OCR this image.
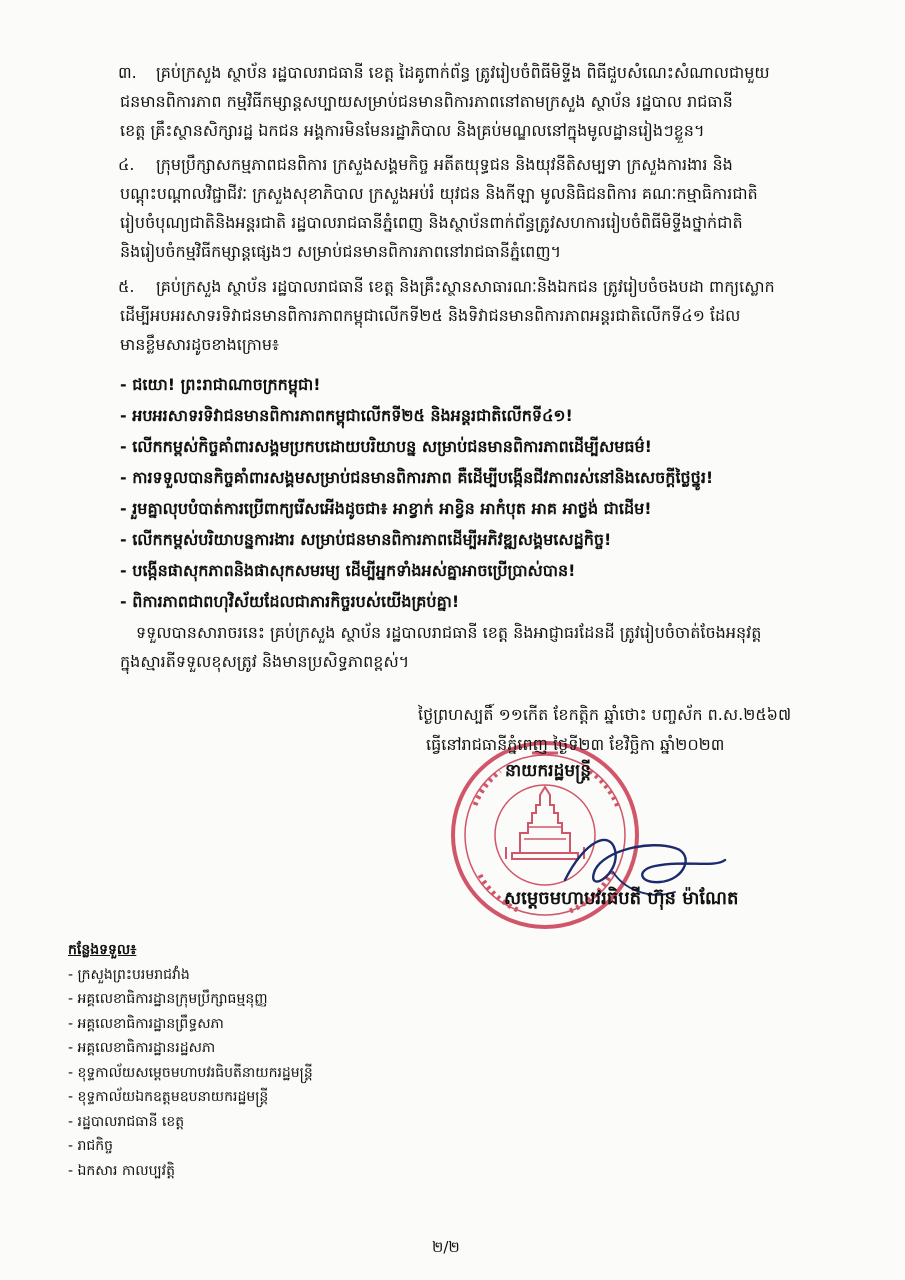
៣.	គ្រប់ក្រសួង ស្ថាប័ន រដ្ឋបាលរាជធានី ខេត្ត ដៃគូពាក់ព័ន្ធ ត្រូវរៀបចំពិធីមិទ្ទីង ពិធីជួបសំណេះសំណាលជាមួយ
ជនមានពិការភាព កម្មវិធីកម្សាន្តសប្បាយសម្រាប់ជនមានពិការភាពនៅតាមក្រសួង ស្ថាប័ន រដ្ឋបាល រាជធានី
ខេត្ត គ្រឹះស្ថានសិក្សារដ្ឋ ឯកជន អង្គការមិនមែនរដ្ឋាភិបាល និងគ្រប់មណ្ឌលនៅក្នុងមូលដ្ឋានរៀងៗខ្លួន។
៤.	ក្រុមប្រឹក្សាសកម្មភាពជនពិការ ក្រសួងសង្គមកិច្ច អតីតយុទ្ធជន និងយុវនីតិសម្បទា ក្រសួងការងារ និង
បណ្តុះបណ្តាលវិជ្ជាជីវៈ ក្រសួងសុខាភិបាល ក្រសួងអប់រំ យុវជន និងកីឡា មូលនិធិជនពិការ គណៈកម្មាធិការជាតិ
រៀបចំបុណ្យជាតិនិងអន្តរជាតិ រដ្ឋបាលរាជធានីភ្នំពេញ និងស្ថាប័នពាក់ព័ន្ធត្រូវសហការរៀបចំពិធីមិទ្ទីងថ្នាក់ជាតិ
និងរៀបចំកម្មវិធីកម្សាន្តផ្សេងៗ សម្រាប់ជនមានពិការភាពនៅរាជធានីភ្នំពេញ។
៥.	គ្រប់ក្រសួង ស្ថាប័ន រដ្ឋបាលរាជធានី ខេត្ត និងគ្រឹះស្ថានសាធារណៈនិងឯកជន ត្រូវរៀបចំចងបដា ពាក្យស្លោក
ដើម្បីអបអរសាទរទិវាជនមានពិការភាពកម្ពុជាលើកទី២៥ និងទិវាជនមានពិការភាពអន្តរជាតិលើកទី៤១ ដែល
មានខ្លឹមសារដូចខាងក្រោម៖
- ជយោ! ព្រះរាជាណាចក្រកម្ពុជា!
- អបអរសាទរទិវាជនមានពិការភាពកម្ពុជាលើកទី២៥ និងអន្តរជាតិលើកទី៤១!
- លើកកម្ពស់កិច្ចគាំពារសង្គមប្រកបដោយបរិយាបន្ន សម្រាប់ជនមានពិការភាពដើម្បីសមធម៌!
- ការទទួលបានកិច្ចគាំពារសង្គមសម្រាប់ជនមានពិការភាព គឺដើម្បីបង្កើនជីវភាពរស់នៅនិងសេចក្តីថ្លៃថ្នូរ!
- រួមគ្នាលុបបំបាត់ការប្រើពាក្យរើសអើងដូចជា៖ អាខ្វាក់ អាខ្វិន អាកំបុត អាគ អាថ្លង់ ជាដើម!
- លើកកម្ពស់បរិយាបន្នការងារ សម្រាប់ជនមានពិការភាពដើម្បីអភិវឌ្ឍសង្គមសេដ្ឋកិច្ច!
- បង្កើនផាសុកភាពនិងផាសុកសមរម្យ ដើម្បីអ្នកទាំងអស់គ្នាអាចប្រើប្រាស់បាន!
- ពិការភាពជាពហុវិស័យដែលជាភារកិច្ចរបស់យើងគ្រប់គ្នា!
ទទួលបានសារាចរនេះ គ្រប់ក្រសួង ស្ថាប័ន រដ្ឋបាលរាជធានី ខេត្ត និងអាជ្ញាធរដែនដី ត្រូវរៀបចំចាត់ចែងអនុវត្ត
ក្នុងស្មារតីទទួលខុសត្រូវ និងមានប្រសិទ្ធភាពខ្ពស់។
ថ្ងៃព្រហស្បតិ៍ ១១កើត ខែកត្តិក ឆ្នាំថោះ បញ្ចស័ក ព.ស.២៥៦៧
ធ្វើនៅរាជធានីភ្នំពេញ ថ្ងៃទី២៣ ខែវិច្ឆិកា ឆ្នាំ២០២៣
នាយករដ្ឋមន្ត្រី
សម្តេចមហាបវរធិបតី ហ៊ុន ម៉ាណែត
កន្លែងទទួល៖
- ក្រសួងព្រះបរមរាជវាំង
- អគ្គលេខាធិការដ្ឋានក្រុមប្រឹក្សាធម្មនុញ្ញ
- អគ្គលេខាធិការដ្ឋានព្រឹទ្ធសភា
- អគ្គលេខាធិការដ្ឋានរដ្ឋសភា
- ខុទ្ទកាល័យសម្តេចមហាបវរធិបតីនាយករដ្ឋមន្ត្រី
- ខុទ្ទកាល័យឯកឧត្តមឧបនាយករដ្ឋមន្ត្រី
- រដ្ឋបាលរាជធានី ខេត្ត
- រាជកិច្ច
- ឯកសារ កាលប្បវត្តិ
២/២
